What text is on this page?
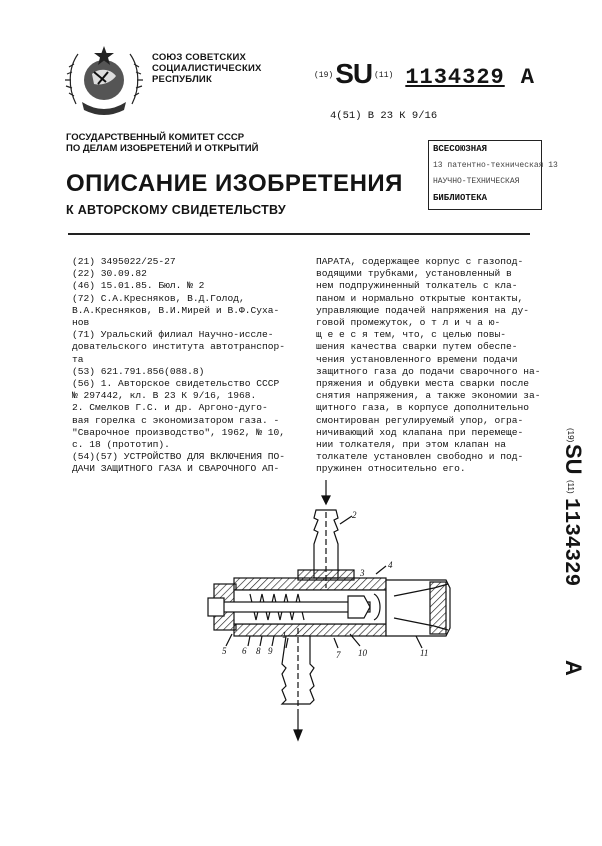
СОЮЗ СОВЕТСКИХ
СОЦИАЛИСТИЧЕСКИХ
РЕСПУБЛИК	$^{(19)}$SU $^{(11)}$ 1134329 А
4(51) В 23 К 9/16
ГОСУДАРСТВЕННЫЙ КОМИТЕТ СССР
ПО ДЕЛАМ ИЗОБРЕТЕНИЙ И ОТКРЫТИЙ	ВСЕСОЮЗНАЯ
13 патентно-техническая 13
НАУЧНО-ТЕХНИЧЕСКАЯ
БИБЛИОТЕКА
ОПИСАНИЕ ИЗОБРЕТЕНИЯ
К АВТОРСКОМУ СВИДЕТЕЛЬСТВУ
(21) 3495022/25-27
(22) 30.09.82
(46) 15.01.85. Бюл. № 2
(72) С.А.Кресняков, В.Д.Голод,
В.А.Кресняков, В.И.Мирей и В.Ф.Суха-
нов
(71) Уральский филиал Научно-исслe-
довательского института автотранспор-
та
(53) 621.791.856(088.8)
(56) 1. Авторское свидетельство СССР
№ 297442, кл. В 23 К 9/16, 1968.
2. Смелков Г.С. и др. Аргоно-дуго-
вая горелка с экономизатором газа. -
"Сварочное производство", 1962, № 10,
с. 18 (прототип).
(54)(57) УСТРОЙСТВО ДЛЯ ВКЛЮЧЕНИЯ ПО-
ДАЧИ ЗАЩИТНОГО ГАЗА И СВАРОЧНОГО АП-
ПАРАТА, содержащее корпус с газопод-
водящими трубками, установленный в
нем подпружиненный толкатель с кла-
паном и нормально открытые контакты,
управляющие подачей напряжения на ду-
говой промежуток, о т л и ч а ю-
щ е е с я тем, что, с целью повы-
шения качества сварки путем обеспе-
чения установленного времени подачи
защитного газа до подачи сварочного на-
пряжения и обдувки места сварки после
снятия напряжения, а также экономии за-
щитного газа, в корпусе дополнительно
смонтирован регулируемый упор, огра-
ничивающий ход клапана при перемеще-
нии толкателя, при этом клапан на
толкателе установлен свободно и под-
пружинен относительно его.
(19)
SU
(11)
1134329
A
1
2
3
4
5 6 8 9	7 10	11
